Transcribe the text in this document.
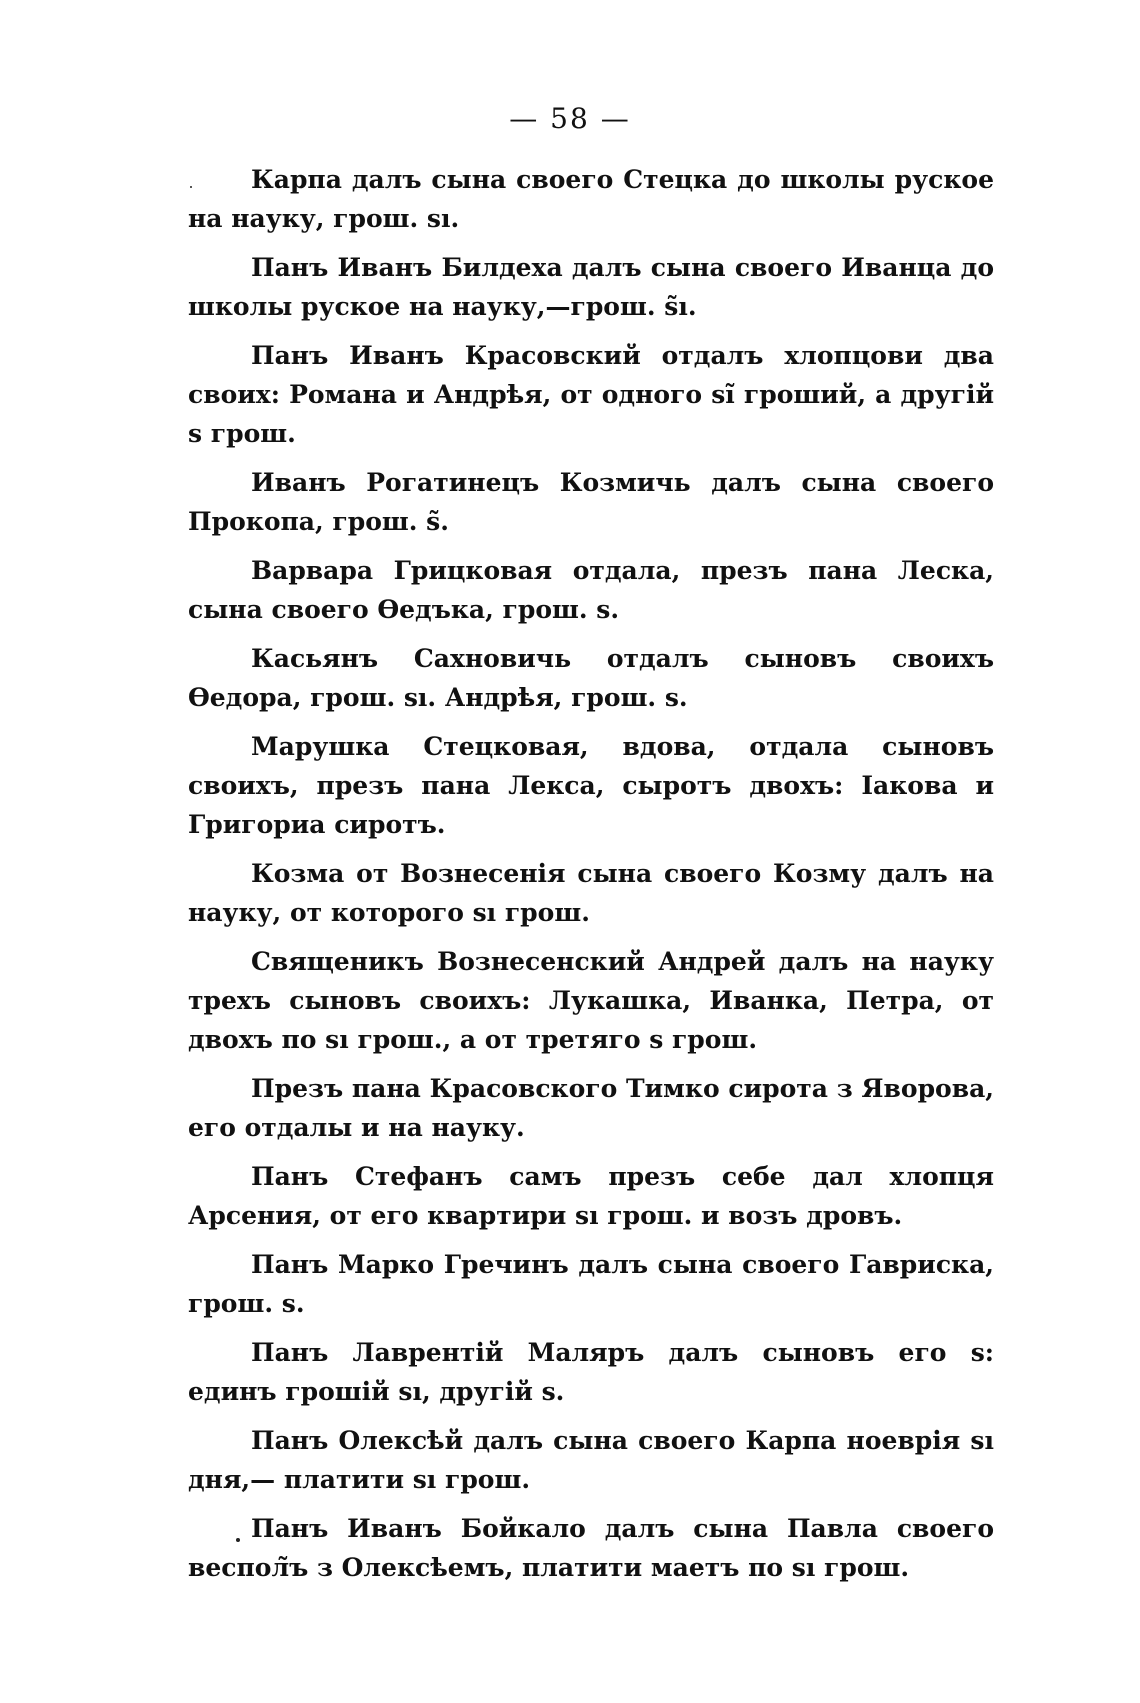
— 58 —

Карпа далъ сына своего Стецка до школы руское на науку, грош. ѕı.

Панъ Иванъ Билдеха далъ сына своего Иванца до школы руское на науку,—грош. ѕ̃ı.

Панъ Иванъ Красовский отдалъ хлопцови два своих: Романа и Андрѣя, от одного ѕı̃ гроший, а другій ѕ грош.

Иванъ Рогатинецъ Козмичь далъ сына своего Прокопа, грош. ѕ̃.

Варвара Грицковая отдала, презъ пана Леска, сына своего Ѳедъка, грош. ѕ.

Касьянъ Сахновичь отдалъ сыновъ своихъ Ѳедора, грош. ѕı. Андрѣя, грош. ѕ.

Марушка Стецковая, вдова, отдала сыновъ своихъ, презъ пана Лекса, сыротъ двохъ: Іакова и Григориа сиротъ.

Козма от Вознесенія сына своего Козму далъ на науку, от которого ѕı грош.

Священикъ Вознесенский Андрей далъ на науку трехъ сыновъ своихъ: Лукашка, Иванка, Петра, от двохъ по ѕı грош., а от третяго ѕ грош.

Презъ пана Красовского Тимко сирота з Яворова, его отдалы и на науку.

Панъ Стефанъ самъ презъ себе дал хлопця Арсения, от его квартири ѕı грош. и возъ дровъ.

Панъ Марко Гречинъ далъ сына своего Гавриска, грош. ѕ.

Панъ Лаврентій Маляръ далъ сыновъ его ѕ: единъ грошій ѕı, другій ѕ.

Панъ Олексѣй далъ сына своего Карпа ноеврія ѕı дня,— платити ѕı грош.

Панъ Иванъ Бойкало далъ сына Павла своего веспол̃ъ з Олексѣемъ, платити маетъ по ѕı грош.
